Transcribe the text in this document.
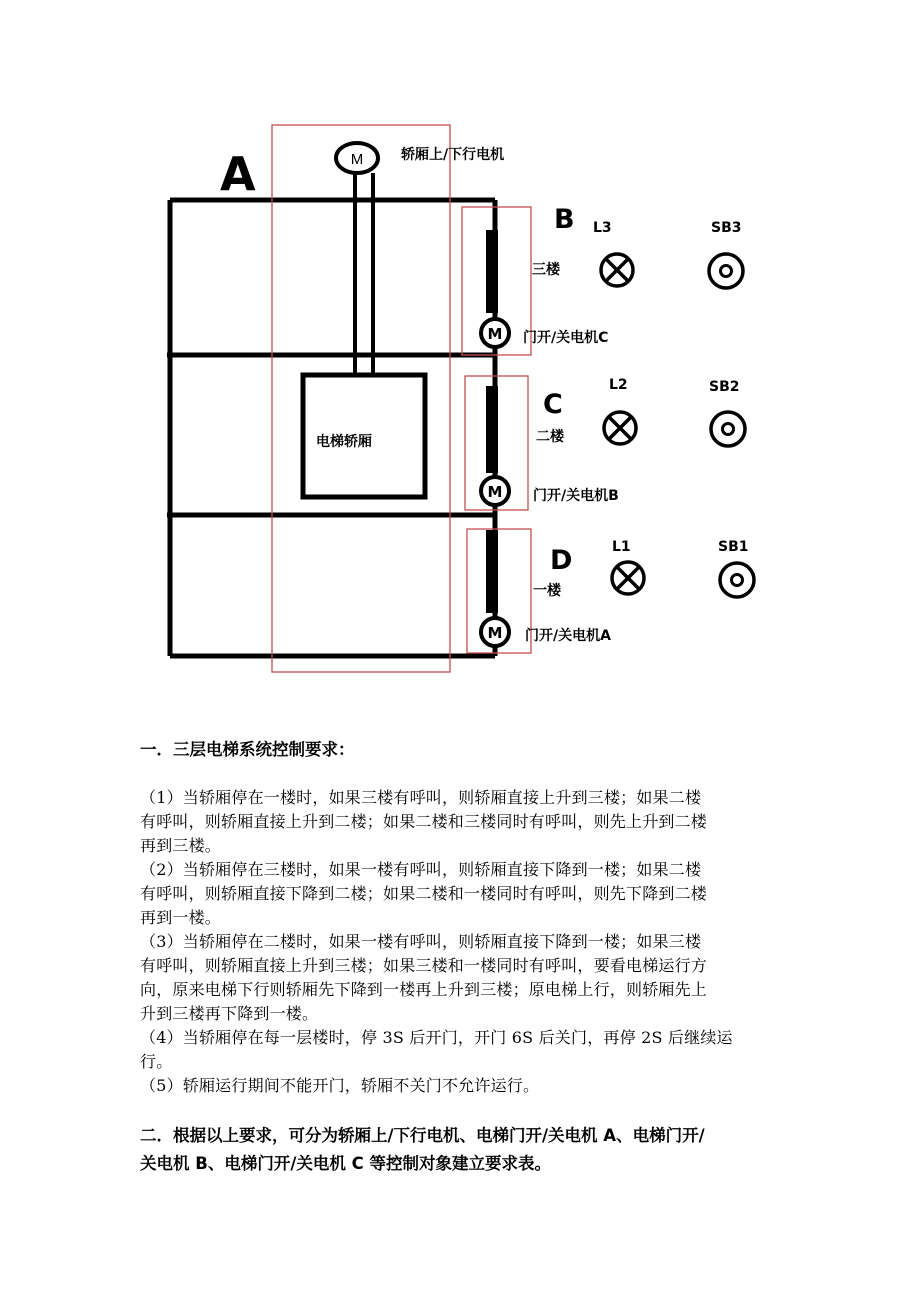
M	轿厢上/下行电机
电梯轿厢
A
B
C
D
M 门开/关电机C
三楼
L3	SB3
M 门开/关电机B
二楼
L2	SB2
M 门开/关电机A
一楼
L1	SB1

一．三层电梯系统控制要求：

（1）当轿厢停在一楼时，如果三楼有呼叫，则轿厢直接上升到三楼；如果二楼

有呼叫，则轿厢直接上升到二楼；如果二楼和三楼同时有呼叫，则先上升到二楼

再到三楼。

（2）当轿厢停在三楼时，如果一楼有呼叫，则轿厢直接下降到一楼；如果二楼

有呼叫，则轿厢直接下降到二楼；如果二楼和一楼同时有呼叫，则先下降到二楼

再到一楼。

（3）当轿厢停在二楼时，如果一楼有呼叫，则轿厢直接下降到一楼；如果三楼

有呼叫，则轿厢直接上升到三楼；如果三楼和一楼同时有呼叫，要看电梯运行方

向，原来电梯下行则轿厢先下降到一楼再上升到三楼；原电梯上行，则轿厢先上

升到三楼再下降到一楼。

（4）当轿厢停在每一层楼时，停 3S 后开门，开门 6S 后关门，再停 2S 后继续运

行。

（5）轿厢运行期间不能开门，轿厢不关门不允许运行。

二．根据以上要求，可分为轿厢上/下行电机、电梯门开/关电机 A、电梯门开/

关电机 B、电梯门开/关电机 C 等控制对象建立要求表。
